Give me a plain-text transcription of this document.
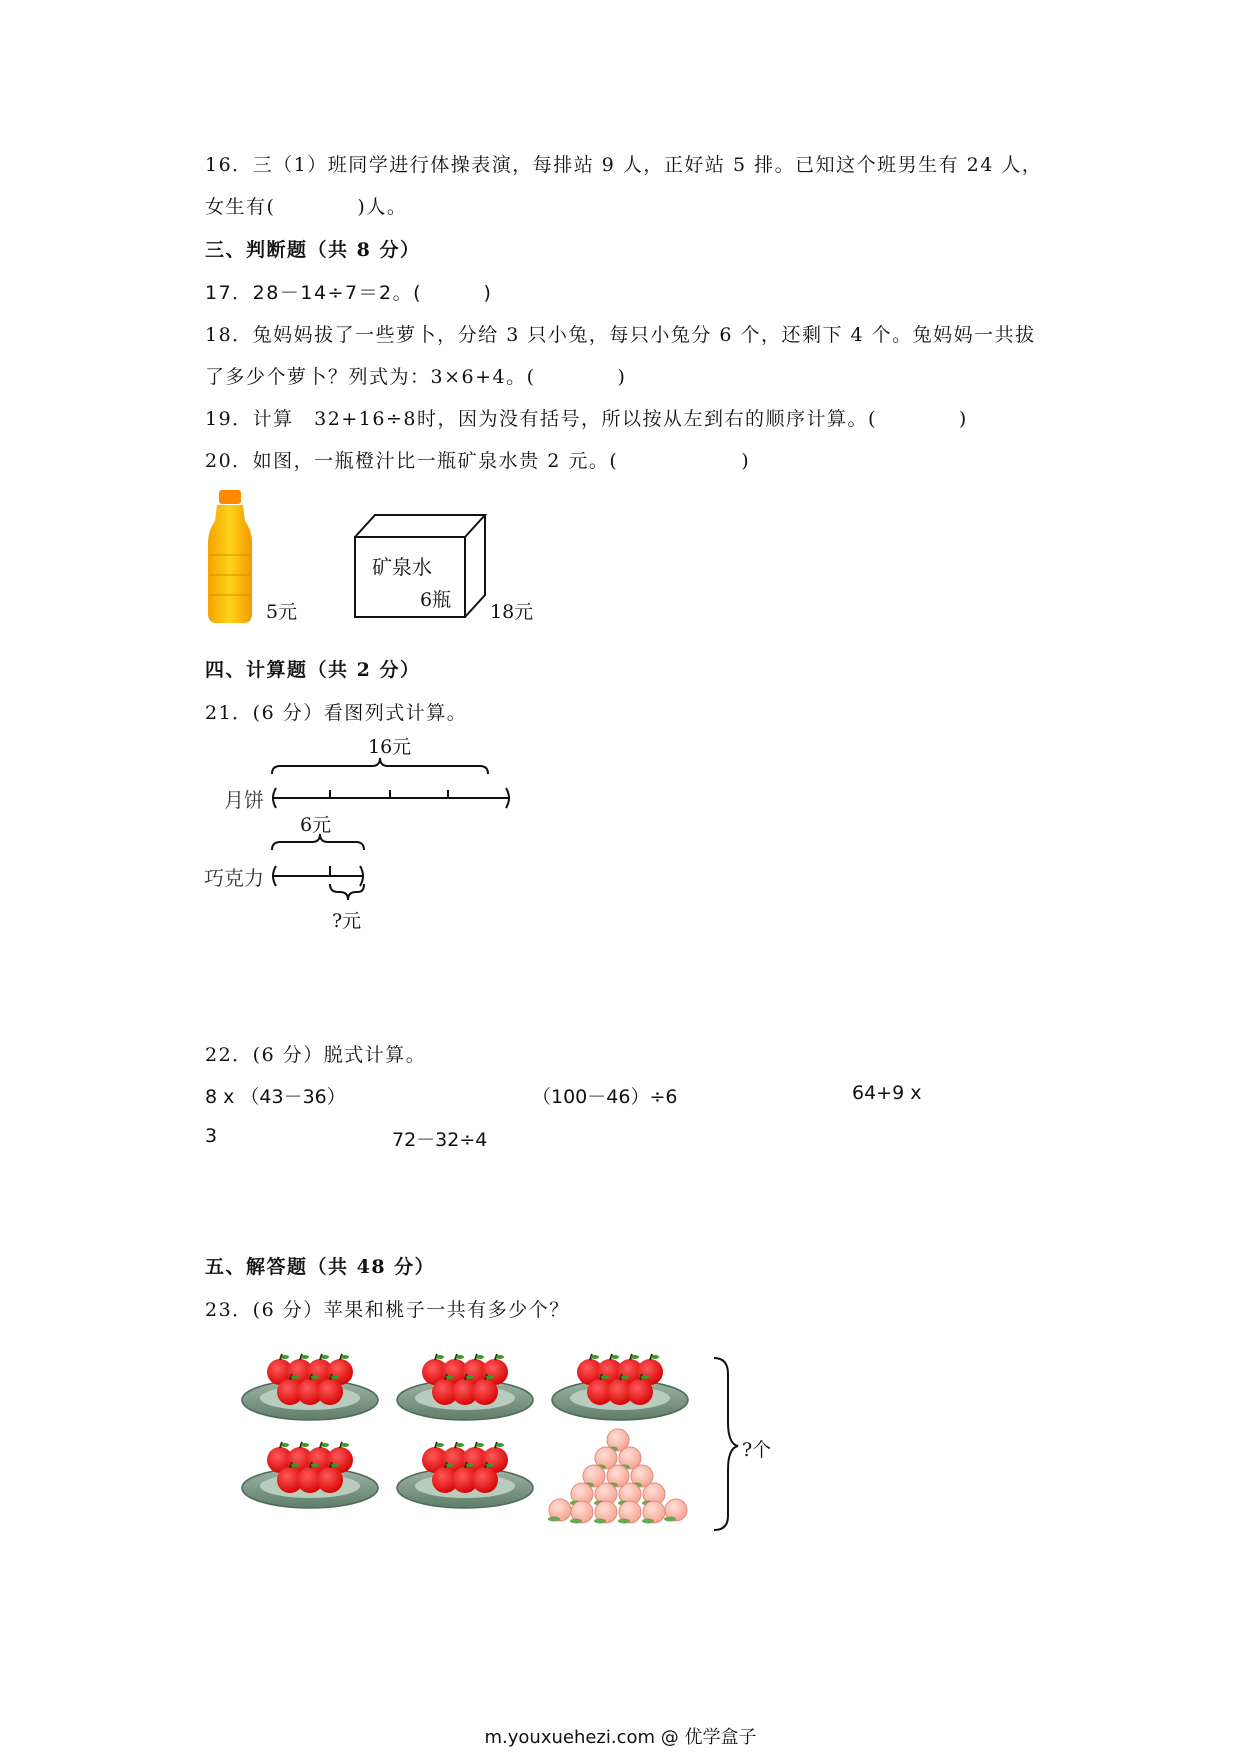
16．三（1）班同学进行体操表演，每排站 9 人，正好站 5 排。已知这个班男生有 24 人，
女生有(　　　　)人。
三、判断题（共 8 分）
17．28－14÷7＝2。(　　　)
18．兔妈妈拔了一些萝卜，分给 3 只小兔，每只小兔分 6 个，还剩下 4 个。兔妈妈一共拔
了多少个萝卜？列式为：3×6+4。(　　　　)
19．计算　32+16÷8时，因为没有括号，所以按从左到右的顺序计算。(　　　　)
20．如图，一瓶橙汁比一瓶矿泉水贵 2 元。(　　　　　　)
5元
矿泉水
6瓶
18元
四、计算题（共 2 分）
21．(6 分）看图列式计算。
16元
月饼
6元
巧克力
?元
22．(6 分）脱式计算。
8 x （43－36）	（100－46）÷6	64+9 x
3	72－32÷4
五、解答题（共 48 分）
23．(6 分）苹果和桃子一共有多少个？
?个
m.youxuehezi.com @ 优学盒子
